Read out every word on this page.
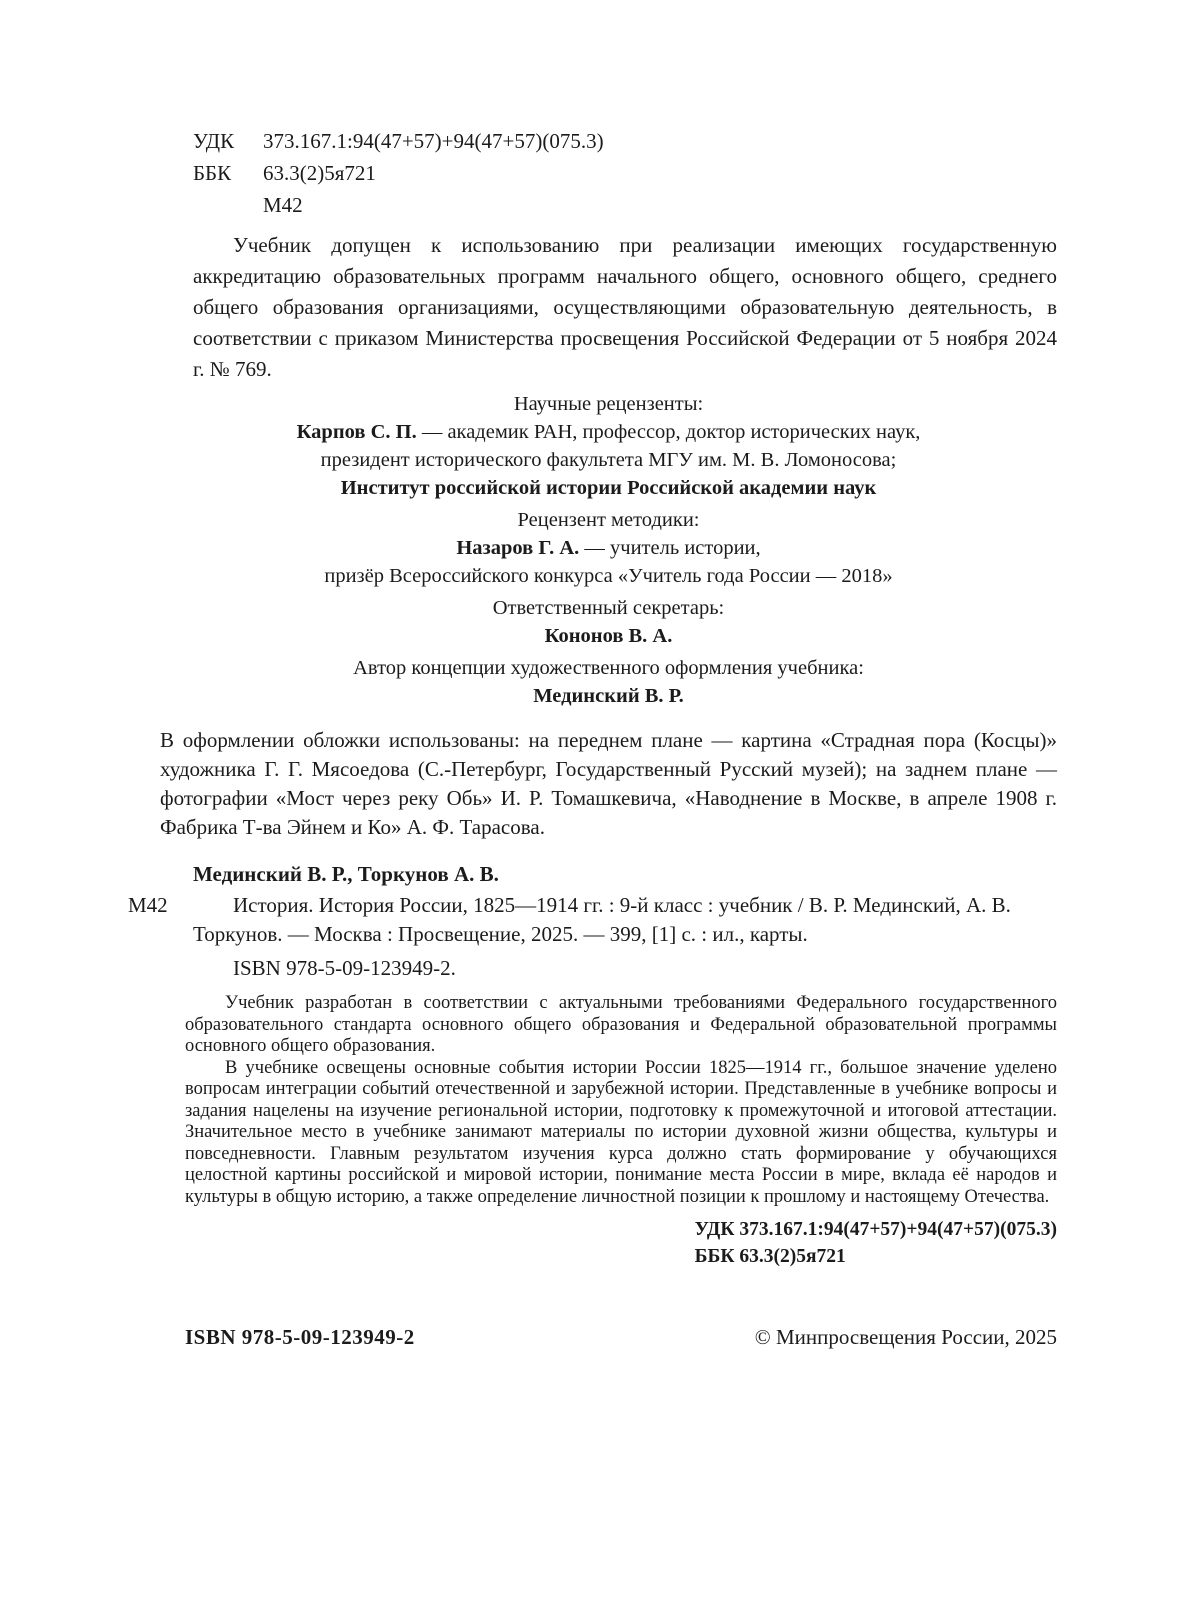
УДК 373.167.1:94(47+57)+94(47+57)(075.3)
ББК 63.3(2)5я721
М42
Учебник допущен к использованию при реализации имеющих государственную аккредитацию образовательных программ начального общего, основного общего, среднего общего образования организациями, осуществляющими образовательную деятельность, в соответствии с приказом Министерства просвещения Российской Федерации от 5 ноября 2024 г. № 769.
Научные рецензенты:
Карпов С. П. — академик РАН, профессор, доктор исторических наук,
президент исторического факультета МГУ им. М. В. Ломоносова;
Институт российской истории Российской академии наук
Рецензент методики:
Назаров Г. А. — учитель истории,
призёр Всероссийского конкурса «Учитель года России — 2018»
Ответственный секретарь:
Кононов В. А.
Автор концепции художественного оформления учебника:
Мединский В. Р.
В оформлении обложки использованы: на переднем плане — картина «Страдная пора (Косцы)» художника Г. Г. Мясоедова (С.-Петербург, Государственный Русский музей); на заднем плане — фотографии «Мост через реку Обь» И. Р. Томашкевича, «Наводнение в Москве, в апреле 1908 г. Фабрика Т-ва Эйнем и Ко» А. Ф. Тарасова.
Мединский В. Р., Торкунов А. В.
М42	История. История России, 1825—1914 гг. : 9-й класс : учебник / В. Р. Мединский, А. В. Торкунов. — Москва : Просвещение, 2025. — 399, [1] с. : ил., карты.
ISBN 978-5-09-123949-2.

Учебник разработан в соответствии с актуальными требованиями Федерального государственного образовательного стандарта основного общего образования и Федеральной образовательной программы основного общего образования.

В учебнике освещены основные события истории России 1825—1914 гг., большое значение уделено вопросам интеграции событий отечественной и зарубежной истории. Представленные в учебнике вопросы и задания нацелены на изучение региональной истории, подготовку к промежуточной и итоговой аттестации. Значительное место в учебнике занимают материалы по истории духовной жизни общества, культуры и повседневности. Главным результатом изучения курса должно стать формирование у обучающихся целостной картины российской и мировой истории, понимание места России в мире, вклада её народов и культуры в общую историю, а также определение личностной позиции к прошлому и настоящему Отечества.

УДК 373.167.1:94(47+57)+94(47+57)(075.3)
ББК 63.3(2)5я721
ISBN 978-5-09-123949-2	© Минпросвещения России, 2025
